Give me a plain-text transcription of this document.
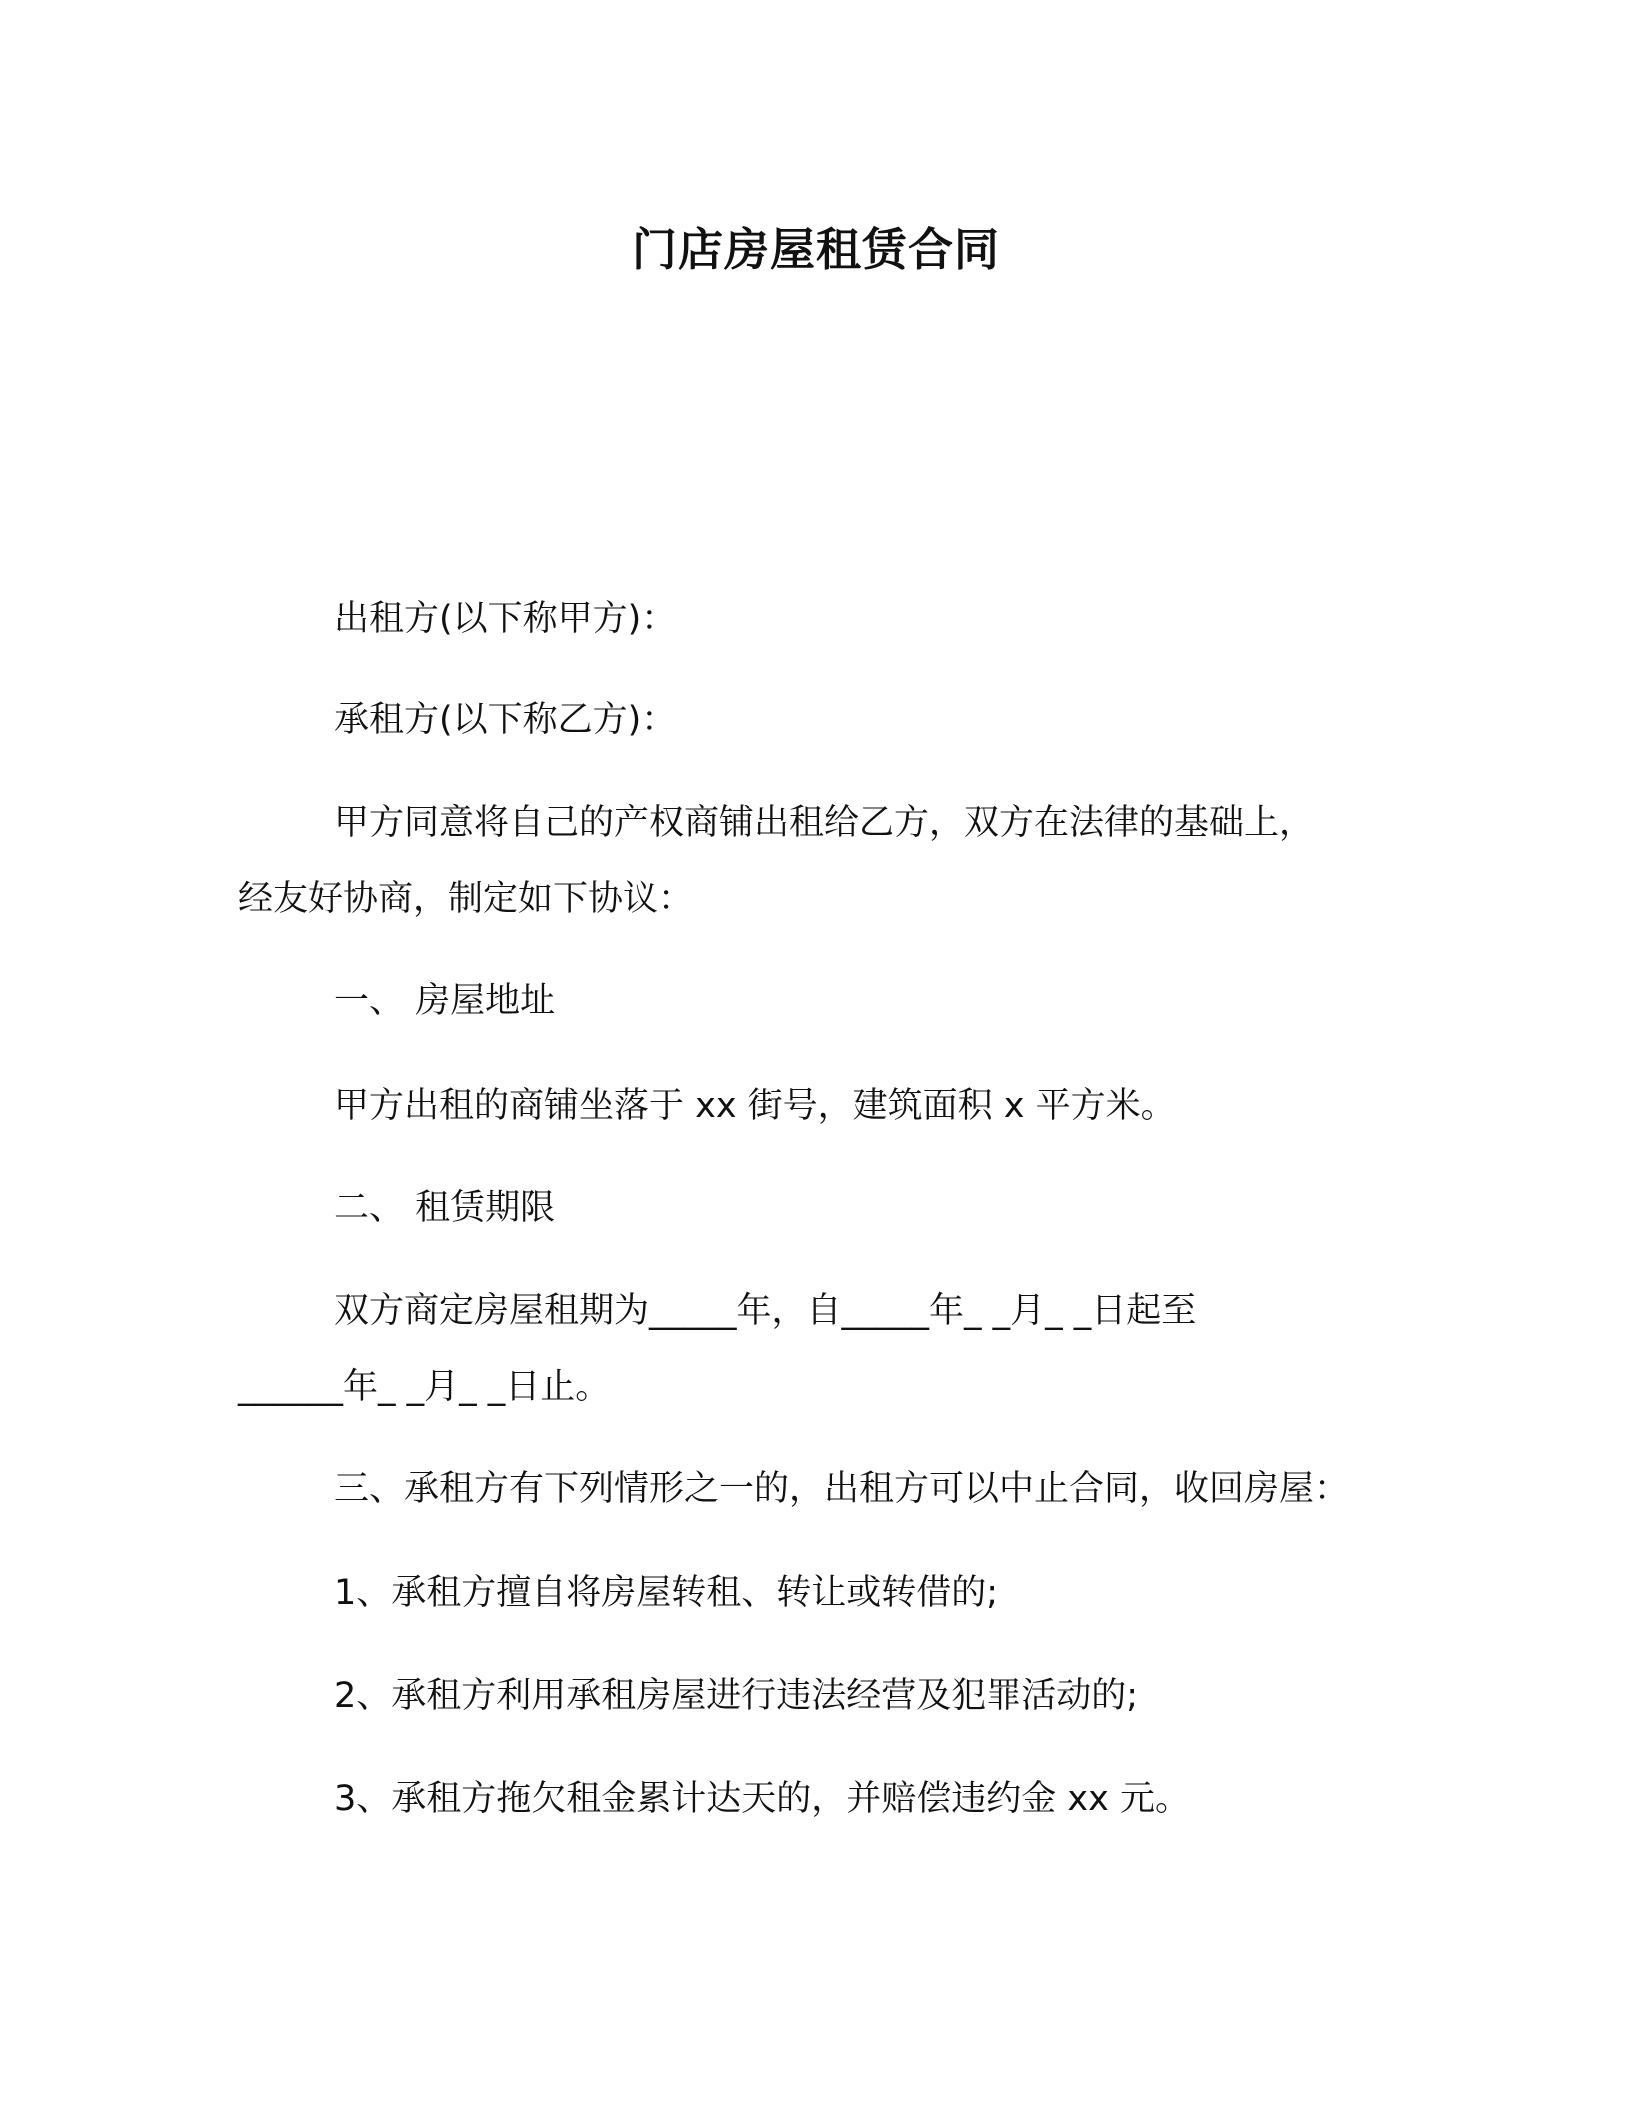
门店房屋租赁合同
出租方(以下称甲方)：
承租方(以下称乙方)：
甲方同意将自己的产权商铺出租给乙方，双方在法律的基础上，
经友好协商，制定如下协议：
一、 房屋地址
甲方出租的商铺坐落于 xx 街号，建筑面积 x 平方米。
二、 租赁期限
双方商定房屋租期为_____年，自_____年_ _月_ _日起至
______年_ _月_ _日止。
三、承租方有下列情形之一的，出租方可以中止合同，收回房屋：
1、承租方擅自将房屋转租、转让或转借的;
2、承租方利用承租房屋进行违法经营及犯罪活动的;
3、承租方拖欠租金累计达天的，并赔偿违约金 xx 元。
